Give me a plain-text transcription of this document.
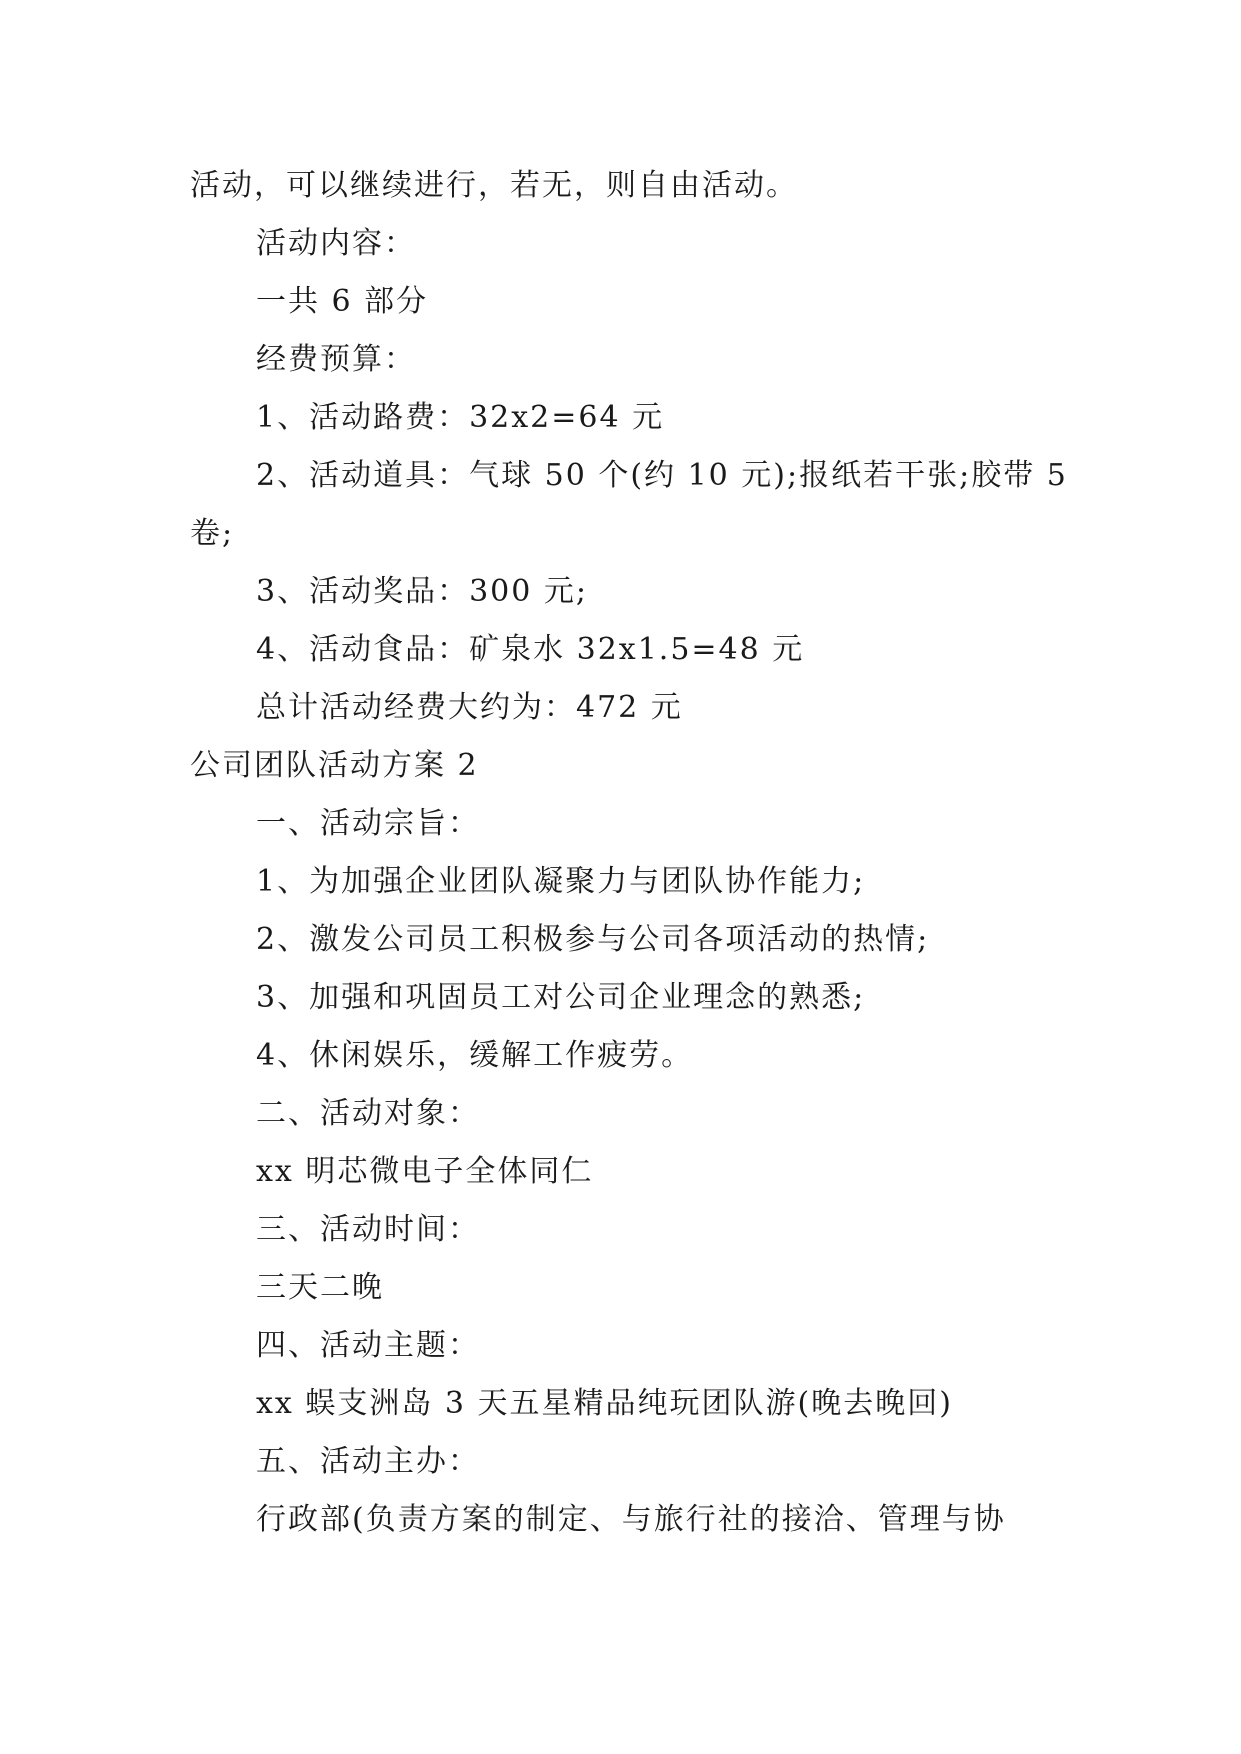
活动，可以继续进行，若无，则自由活动。

活动内容：

一共 6 部分

经费预算：

1、活动路费：32x2=64 元

2、活动道具：气球 50 个(约 10 元);报纸若干张;胶带 5

卷;

3、活动奖品：300 元;

4、活动食品：矿泉水 32x1.5=48 元

总计活动经费大约为：472 元

公司团队活动方案 2

一、活动宗旨：

1、为加强企业团队凝聚力与团队协作能力;

2、激发公司员工积极参与公司各项活动的热情;

3、加强和巩固员工对公司企业理念的熟悉;

4、休闲娱乐，缓解工作疲劳。

二、活动对象：

xx 明芯微电子全体同仁

三、活动时间：

三天二晚

四、活动主题：

xx 蜈支洲岛 3 天五星精品纯玩团队游(晚去晚回)

五、活动主办：

行政部(负责方案的制定、与旅行社的接洽、管理与协
